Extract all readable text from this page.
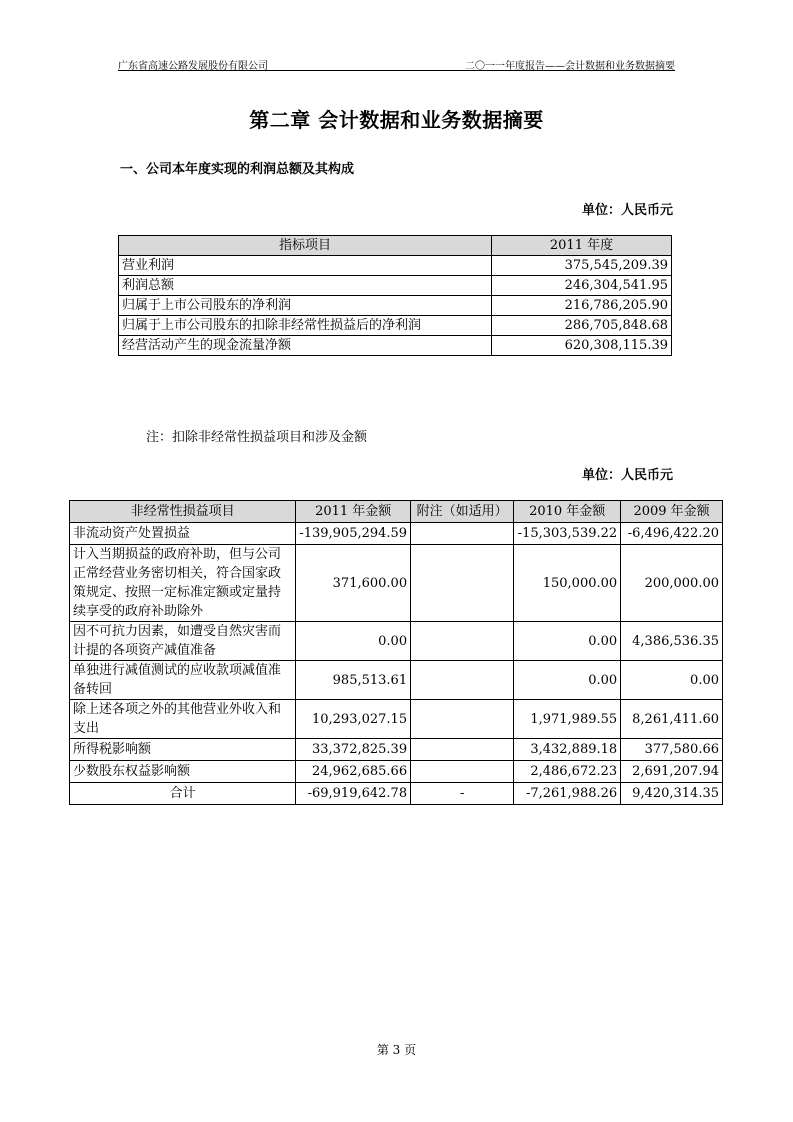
广东省高速公路发展股份有限公司	二〇一一年度报告——会计数据和业务数据摘要
第二章 会计数据和业务数据摘要
一、公司本年度实现的利润总额及其构成
单位：人民币元
指标项目	2011 年度
营业利润	375,545,209.39
利润总额	246,304,541.95
归属于上市公司股东的净利润	216,786,205.90
归属于上市公司股东的扣除非经常性损益后的净利润	286,705,848.68
经营活动产生的现金流量净额	620,308,115.39
注：扣除非经常性损益项目和涉及金额
单位：人民币元
非经常性损益项目	2011 年金额	附注（如适用）	2010 年金额	2009 年金额
非流动资产处置损益	-139,905,294.59		-15,303,539.22	-6,496,422.20
计入当期损益的政府补助，但与公司正常经营业务密切相关，符合国家政策规定、按照一定标准定额或定量持续享受的政府补助除外	371,600.00		150,000.00	200,000.00
因不可抗力因素，如遭受自然灾害而计提的各项资产减值准备	0.00		0.00	4,386,536.35
单独进行减值测试的应收款项减值准备转回	985,513.61		0.00	0.00
除上述各项之外的其他营业外收入和支出	10,293,027.15		1,971,989.55	8,261,411.60
所得税影响额	33,372,825.39		3,432,889.18	377,580.66
少数股东权益影响额	24,962,685.66		2,486,672.23	2,691,207.94
合计	-69,919,642.78	-	-7,261,988.26	9,420,314.35
第 3 页
